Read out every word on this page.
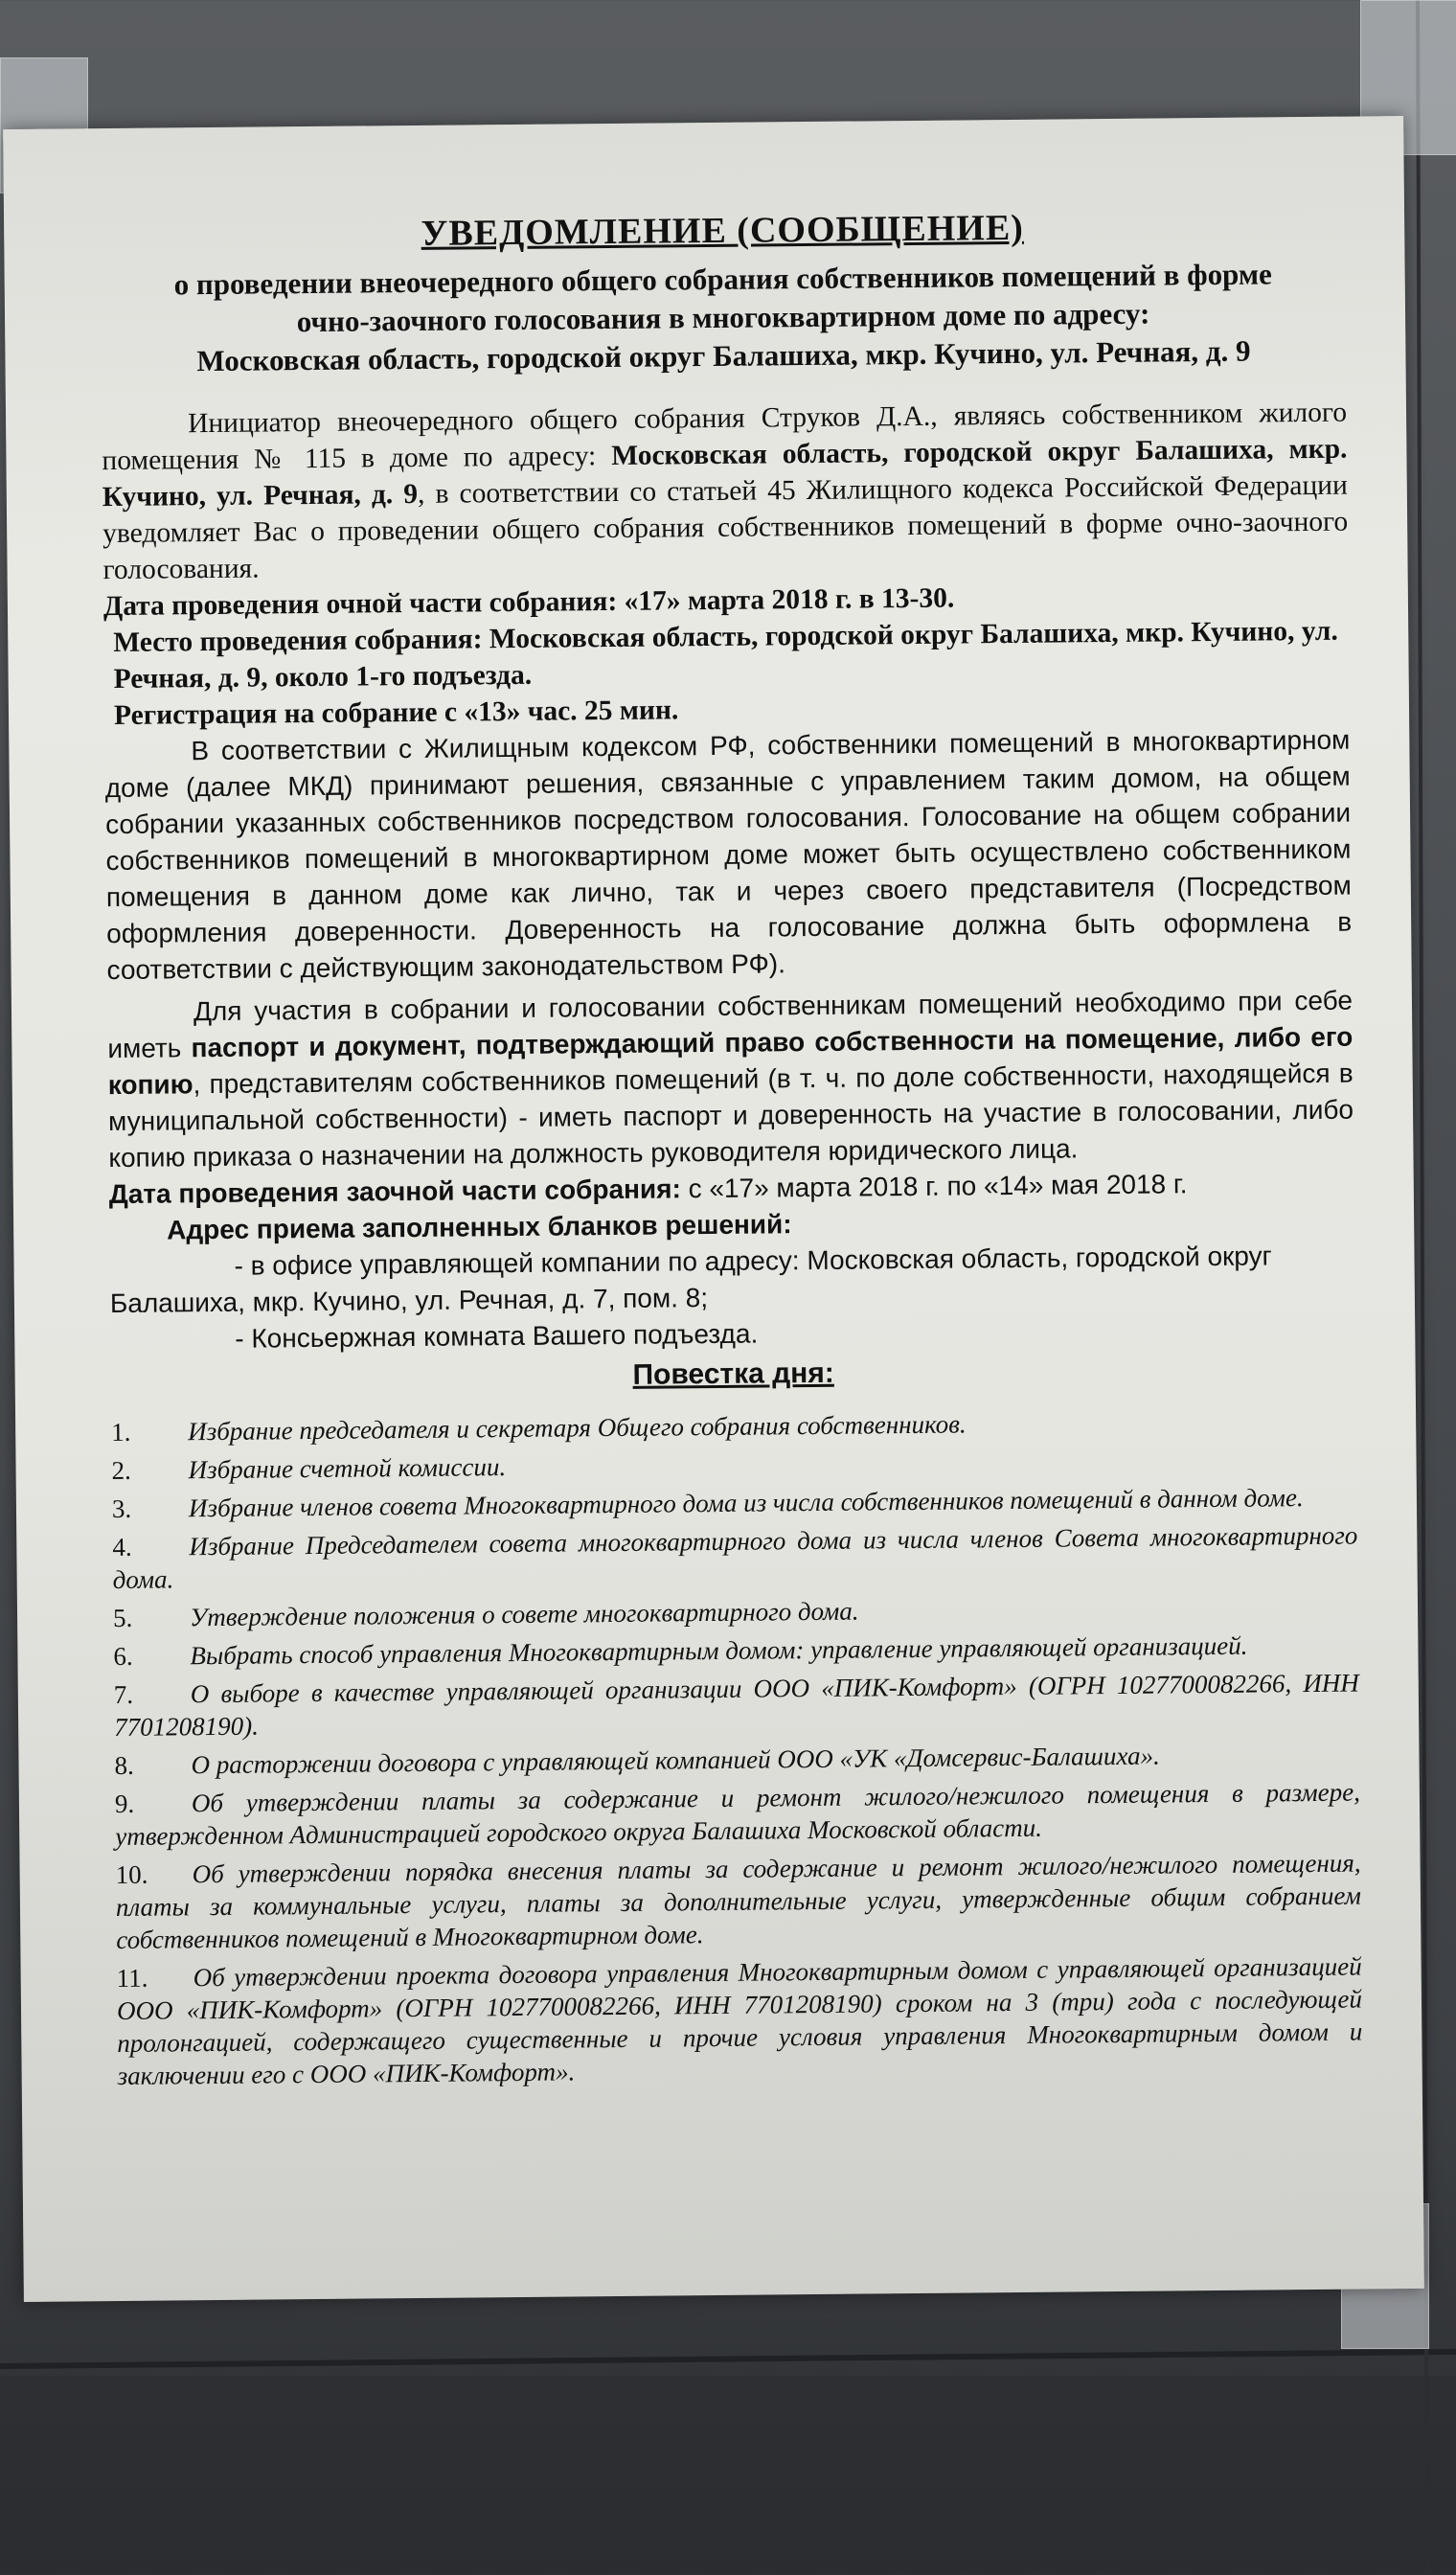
УВЕДОМЛЕНИЕ (СООБЩЕНИЕ)

о проведении внеочередного общего собрания собственников помещений в форме
очно-заочного голосования в многоквартирном доме по адресу:
Московская область, городской округ Балашиха, мкр. Кучино, ул. Речная, д. 9

Инициатор внеочередного общего собрания Струков Д.А., являясь собственником жилого помещения № 115 в доме по адресу: Московская область, городской округ Балашиха, мкр. Кучино, ул. Речная, д. 9, в соответствии со статьей 45 Жилищного кодекса Российской Федерации уведомляет Вас о проведении общего собрания собственников помещений в форме очно-заочного голосования.

Дата проведения очной части собрания: «17» марта 2018 г. в 13-30.
Место проведения собрания: Московская область, городской округ Балашиха, мкр. Кучино, ул. Речная, д. 9, около 1-го подъезда.
Регистрация на собрание с «13» час. 25 мин.

В соответствии с Жилищным кодексом РФ, собственники помещений в многоквартирном доме (далее МКД) принимают решения, связанные с управлением таким домом, на общем собрании указанных собственников посредством голосования. Голосование на общем собрании собственников помещений в многоквартирном доме может быть осуществлено собственником помещения в данном доме как лично, так и через своего представителя (Посредством оформления доверенности. Доверенность на голосование должна быть оформлена в соответствии с действующим законодательством РФ).

Для участия в собрании и голосовании собственникам помещений необходимо при себе иметь паспорт и документ, подтверждающий право собственности на помещение, либо его копию, представителям собственников помещений (в т. ч. по доле собственности, находящейся в муниципальной собственности) - иметь паспорт и доверенность на участие в голосовании, либо копию приказа о назначении на должность руководителя юридического лица.

Дата проведения заочной части собрания: с «17» марта 2018 г. по «14» мая 2018 г.
Адрес приема заполненных бланков решений:
- в офисе управляющей компании по адресу: Московская область, городской округ Балашиха, мкр. Кучино, ул. Речная, д. 7, пом. 8;
- Консьержная комната Вашего подъезда.

Повестка дня:

1. Избрание председателя и секретаря Общего собрания собственников.
2. Избрание счетной комиссии.
3. Избрание членов совета Многоквартирного дома из числа собственников помещений в данном доме.
4. Избрание Председателем совета многоквартирного дома из числа членов Совета многоквартирного дома.
5. Утверждение положения о совете многоквартирного дома.
6. Выбрать способ управления Многоквартирным домом: управление управляющей организацией.
7. О выборе в качестве управляющей организации ООО «ПИК-Комфорт» (ОГРН 1027700082266, ИНН 7701208190).
8. О расторжении договора с управляющей компанией ООО «УК «Домсервис-Балашиха».
9. Об утверждении платы за содержание и ремонт жилого/нежилого помещения в размере, утвержденном Администрацией городского округа Балашиха Московской области.
10. Об утверждении порядка внесения платы за содержание и ремонт жилого/нежилого помещения, платы за коммунальные услуги, платы за дополнительные услуги, утвержденные общим собранием собственников помещений в Многоквартирном доме.
11. Об утверждении проекта договора управления Многоквартирным домом с управляющей организацией ООО «ПИК-Комфорт» (ОГРН 1027700082266, ИНН 7701208190) сроком на 3 (три) года с последующей пролонгацией, содержащего существенные и прочие условия управления Многоквартирным домом и заключении его с ООО «ПИК-Комфорт».
